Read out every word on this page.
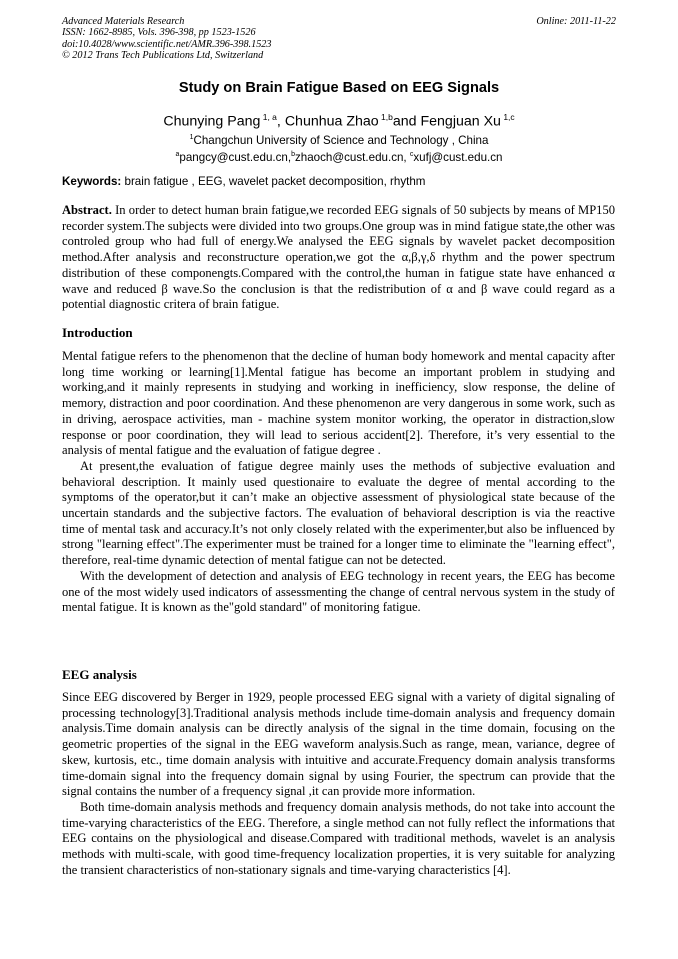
Advanced Materials Research
ISSN: 1662-8985, Vols. 396-398, pp 1523-1526
doi:10.4028/www.scientific.net/AMR.396-398.1523
© 2012 Trans Tech Publications Ltd, Switzerland
Online: 2011-11-22
Study on Brain Fatigue Based on EEG Signals
Chunying Pang $^{1, a}$, Chunhua Zhao $^{1,b}$and Fengjuan Xu $^{1,c}$
$^1$Changchun University of Science and Technology , China
$^a$pangcy@cust.edu.cn,$^b$zhaoch@cust.edu.cn, $^c$xufj@cust.edu.cn
Keywords: brain fatigue , EEG, wavelet packet decomposition, rhythm

Abstract. In order to detect human brain fatigue,we recorded EEG signals of 50 subjects by means of MP150 recorder system.The subjects were divided into two groups.One group was in mind fatigue state,the other was controled group who had full of energy.We analysed the EEG signals by wavelet packet decomposition method.After analysis and reconstructure operation,we got the α,β,γ,δ rhythm and the power spectrum distribution of these componengts.Compared with the control,the human in fatigue state have enhanced α wave and reduced β wave.So the conclusion is that the redistribution of α and β wave could regard as a potential diagnostic critera of brain fatigue.

Introduction

Mental fatigue refers to the phenomenon that the decline of human body homework and mental capacity after long time working or learning[1].Mental fatigue has become an important problem in studying and working,and it mainly represents in studying and working in inefficiency, slow response, the deline of memory, distraction and poor coordination. And these phenomenon are very dangerous in some work, such as in driving, aerospace activities, man - machine system monitor working, the operator in distraction,slow response or poor coordination, they will lead to serious accident[2]. Therefore, it’s very essential to the analysis of mental fatigue and the evaluation of fatigue degree .

At present,the evaluation of fatigue degree mainly uses the methods of subjective evaluation and behavioral description. It mainly used questionaire to evaluate the degree of mental according to the symptoms of the operator,but it can’t make an objective assessment of physiological state because of the uncertain standards and the subjective factors. The evaluation of behavioral description is via the reactive time of mental task and accuracy.It’s not only closely related with the experimenter,but also be influenced by strong "learning effect".The experimenter must be trained for a longer time to eliminate the "learning effect", therefore, real-time dynamic detection of mental fatigue can not be detected.

With the development of detection and analysis of EEG technology in recent years, the EEG has become one of the most widely used indicators of assessmenting the change of central nervous system in the study of mental fatigue. It is known as the"gold standard" of monitoring fatigue.

EEG analysis

Since EEG discovered by Berger in 1929, people processed EEG signal with a variety of digital signaling of processing technology[3].Traditional analysis methods include time-domain analysis and frequency domain analysis.Time domain analysis can be directly analysis of the signal in the time domain, focusing on the geometric properties of the signal in the EEG waveform analysis.Such as range, mean, variance, degree of skew, kurtosis, etc., time domain analysis with intuitive and accurate.Frequency domain analysis transforms time-domain signal into the frequency domain signal by using Fourier, the spectrum can provide that the signal contains the number of a frequency signal ,it can provide more information.

Both time-domain analysis methods and frequency domain analysis methods, do not take into account the time-varying characteristics of the EEG. Therefore, a single method can not fully reflect the informations that EEG contains on the physiological and disease.Compared with traditional methods, wavelet is an analysis methods with multi-scale, with good time-frequency localization properties, it is very suitable for analyzing the transient characteristics of non-stationary signals and time-varying characteristics [4].
